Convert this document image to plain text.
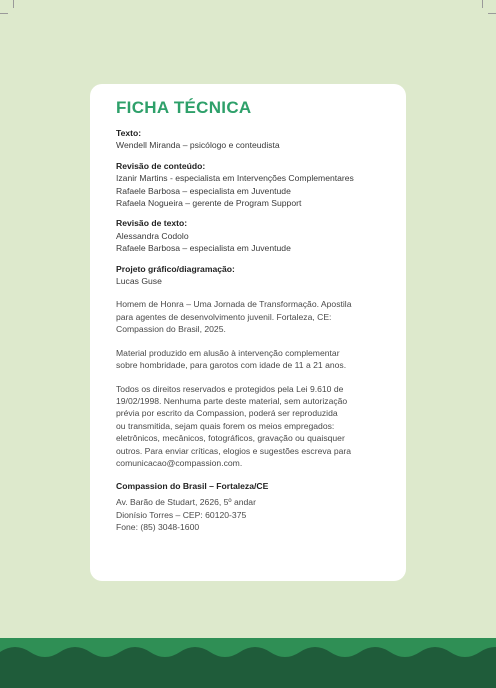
FICHA TÉCNICA
Texto:
Wendell Miranda – psicólogo e conteudista
Revisão de conteúdo:
Izanir Martins - especialista em Intervenções Complementares
Rafaele Barbosa – especialista em Juventude
Rafaela Nogueira – gerente de Program Support
Revisão de texto:
Alessandra Codolo
Rafaele Barbosa – especialista em Juventude
Projeto gráfico/diagramação:
Lucas Guse
Homem de Honra – Uma Jornada de Transformação. Apostila
para agentes de desenvolvimento juvenil. Fortaleza, CE:
Compassion do Brasil, 2025.
Material produzido em alusão à intervenção complementar
sobre hombridade, para garotos com idade de 11 a 21 anos.
Todos os direitos reservados e protegidos pela Lei 9.610 de
19/02/1998. Nenhuma parte deste material, sem autorização
prévia por escrito da Compassion, poderá ser reproduzida
ou transmitida, sejam quais forem os meios empregados:
eletrônicos, mecânicos, fotográficos, gravação ou quaisquer
outros. Para enviar críticas, elogios e sugestões escreva para
comunicacao@compassion.com.
Compassion do Brasil – Fortaleza/CE
Av. Barão de Studart, 2626, 5º andar
Dionísio Torres – CEP: 60120-375
Fone: (85) 3048-1600
